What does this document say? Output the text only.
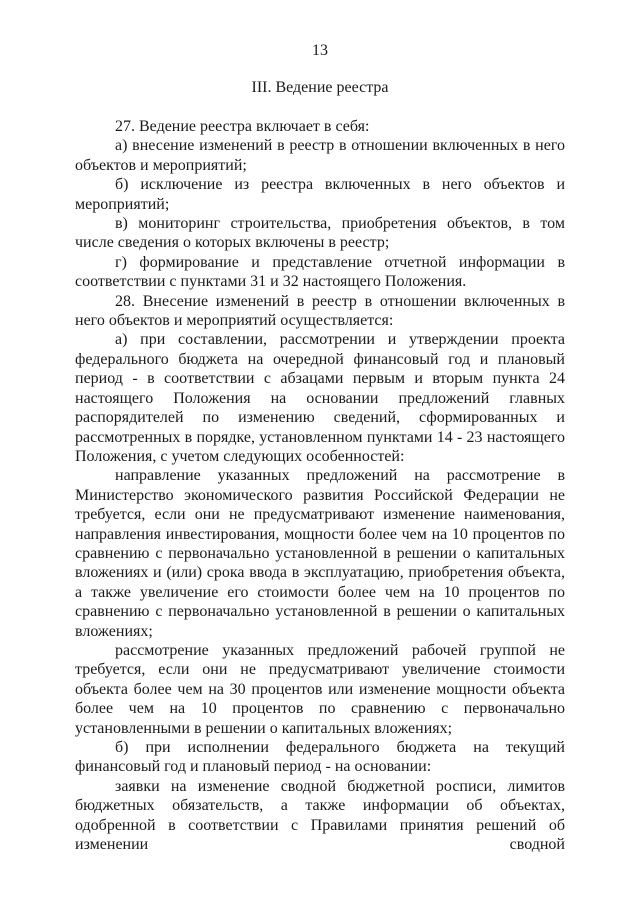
13
III. Ведение реестра

27. Ведение реестра включает в себя:

а) внесение изменений в реестр в отношении включенных в него объектов и мероприятий;

б) исключение из реестра включенных в него объектов и мероприятий;

в) мониторинг строительства, приобретения объектов, в том числе сведения о которых включены в реестр;

г) формирование и представление отчетной информации в соответствии с пунктами 31 и 32 настоящего Положения.

28. Внесение изменений в реестр в отношении включенных в него объектов и мероприятий осуществляется:

а) при составлении, рассмотрении и утверждении проекта федерального бюджета на очередной финансовый год и плановый период - в соответствии с абзацами первым и вторым пункта 24 настоящего Положения на основании предложений главных распорядителей по изменению сведений, сформированных и рассмотренных в порядке, установленном пунктами 14 - 23 настоящего Положения, с учетом следующих особенностей:

направление указанных предложений на рассмотрение в Министерство экономического развития Российской Федерации не требуется, если они не предусматривают изменение наименования, направления инвестирования, мощности более чем на 10 процентов по сравнению с первоначально установленной в решении о капитальных вложениях и (или) срока ввода в эксплуатацию, приобретения объекта, а также увеличение его стоимости более чем на 10 процентов по сравнению с первоначально установленной в решении о капитальных вложениях;

рассмотрение указанных предложений рабочей группой не требуется, если они не предусматривают увеличение стоимости объекта более чем на 30 процентов или изменение мощности объекта более чем на 10 процентов по сравнению с первоначально установленными в решении о капитальных вложениях;

б) при исполнении федерального бюджета на текущий финансовый год и плановый период - на основании:

заявки на изменение сводной бюджетной росписи, лимитов бюджетных обязательств, а также информации об объектах, одобренной в соответствии с Правилами принятия решений об изменении сводной
